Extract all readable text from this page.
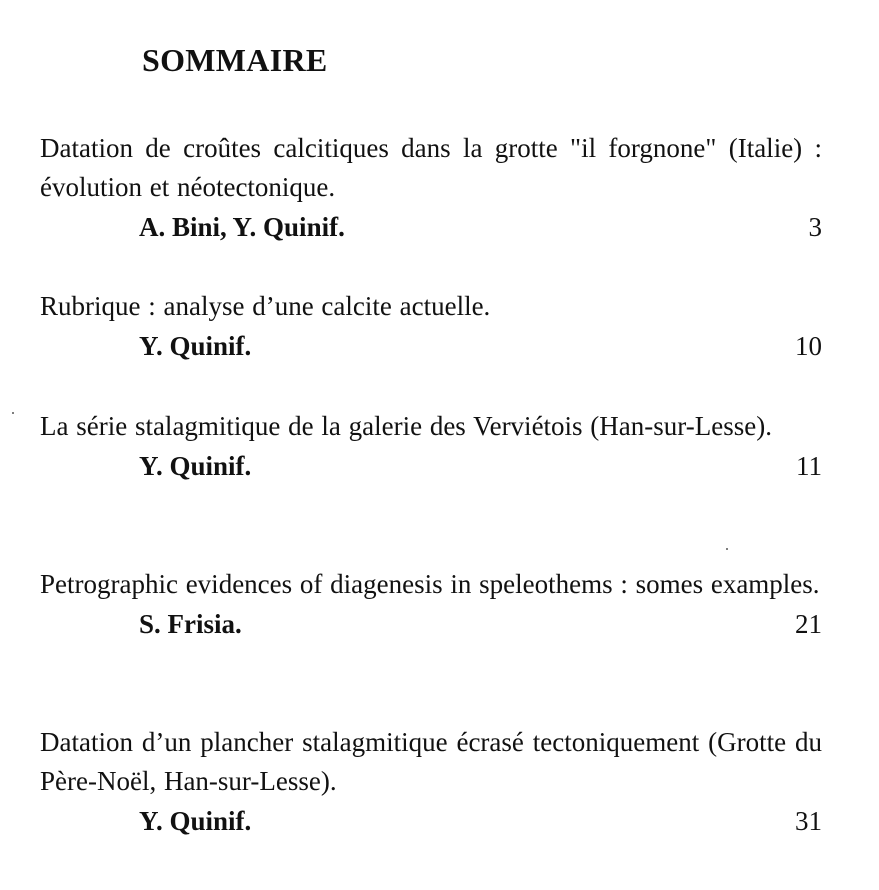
SOMMAIRE

Datation de croûtes calcitiques dans la grotte "il forgnone" (Italie) : évolution et néotectonique.

A. Bini, Y. Quinif.	3

Rubrique : analyse d’une calcite actuelle.

Y. Quinif.	10

La série stalagmitique de la galerie des Verviétois (Han-sur-Lesse).

Y. Quinif.	11

Petrographic evidences of diagenesis in speleothems : somes examples.

S. Frisia.	21

Datation d’un plancher stalagmitique écrasé tectoniquement (Grotte du Père-Noël, Han-sur-Lesse).

Y. Quinif.	31
